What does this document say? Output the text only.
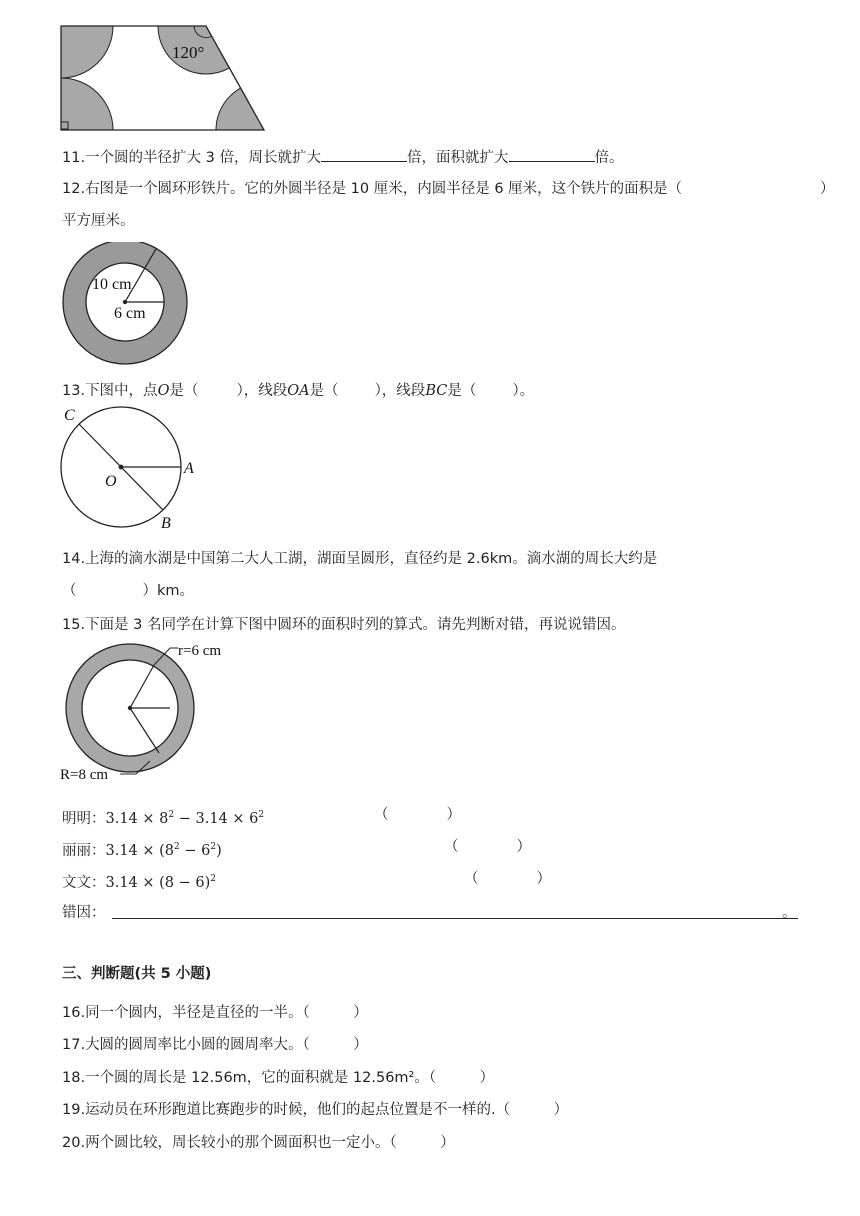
120°
11.一个圆的半径扩大 3 倍，周长就扩大	倍，面积就扩大	倍。
12.右图是一个圆环形铁片。它的外圆半径是 10 厘米，内圆半径是 6 厘米，这个铁片的面积是（	）
平方厘米。
10 cm
6 cm
13.下图中，点O是（	），线段OA是（ ），线段BC是（ ）。
C
O
A
B
14.上海的滴水湖是中国第二大人工湖，湖面呈圆形，直径约是 2.6km。滴水湖的周长大约是
（	）km。
15.下面是 3 名同学在计算下图中圆环的面积时列的算式。请先判断对错，再说说错因。
r=6 cm
R=8 cm
明明：$3.14 \times 8^2 - 3.14 \times 6^2$	（　　　　）
丽丽：$3.14 \times (8^2 - 6^2)$	（　　　　）
文文：$3.14 \times (8 - 6)^2$	（　　　　）
错因：	。
三、判断题(共 5 小题)
16.同一个圆内，半径是直径的一半。（　　　）
17.大圆的圆周率比小圆的圆周率大。（　　　）
18.一个圆的周长是 12.56m，它的面积就是 12.56m²。（　　　）
19.运动员在环形跑道比赛跑步的时候，他们的起点位置是不一样的.（　　　）
20.两个圆比较，周长较小的那个圆面积也一定小。（　　　）
